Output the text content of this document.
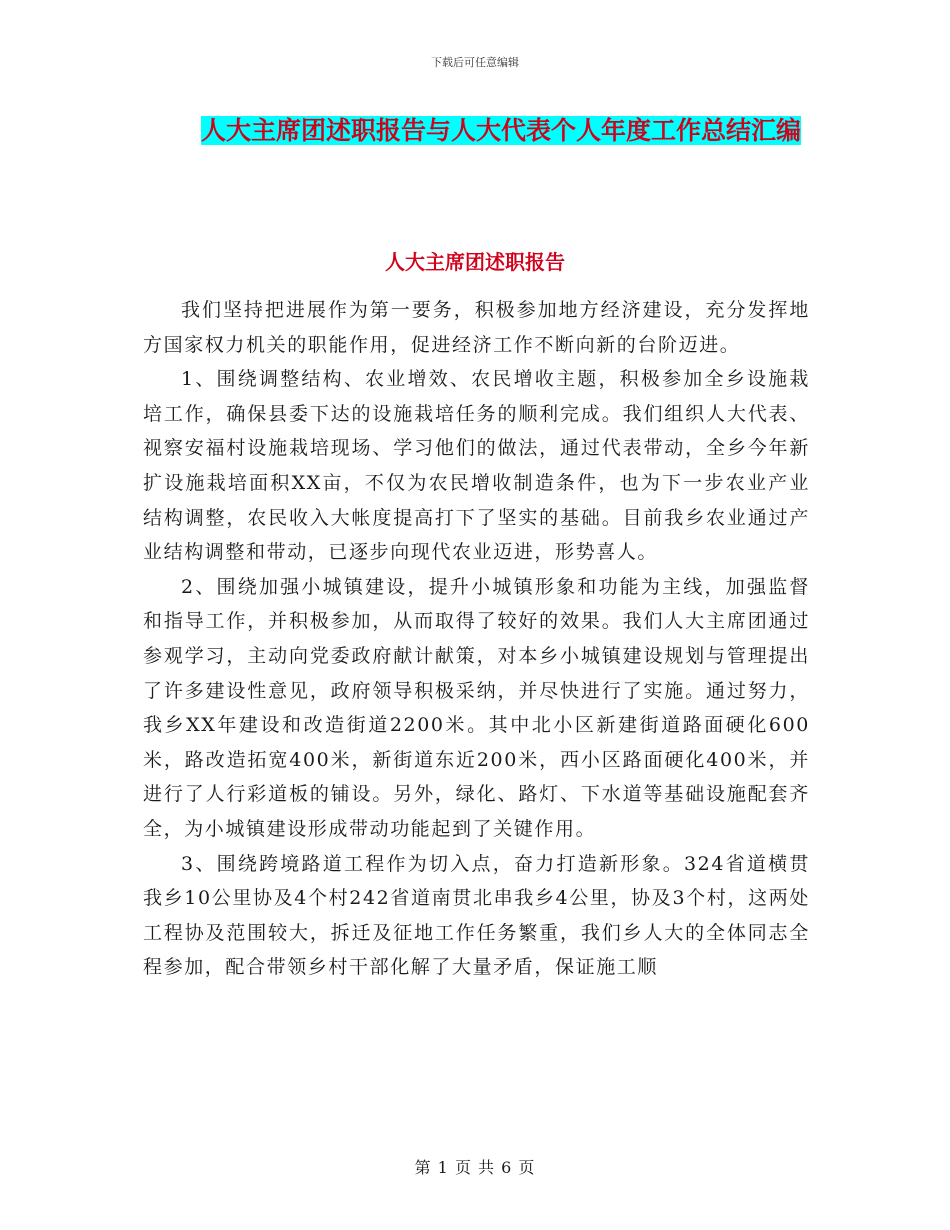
下载后可任意编辑
人大主席团述职报告与人大代表个人年度工作总结汇编
人大主席团述职报告

我们坚持把进展作为第一要务，积极参加地方经济建设，充分发挥地方国家权力机关的职能作用，促进经济工作不断向新的台阶迈进。

1、围绕调整结构、农业增效、农民增收主题，积极参加全乡设施栽培工作，确保县委下达的设施栽培任务的顺利完成。我们组织人大代表、视察安福村设施栽培现场、学习他们的做法，通过代表带动，全乡今年新扩设施栽培面积XX亩，不仅为农民增收制造条件，也为下一步农业产业结构调整，农民收入大帐度提高打下了坚实的基础。目前我乡农业通过产业结构调整和带动，已逐步向现代农业迈进，形势喜人。

2、围绕加强小城镇建设，提升小城镇形象和功能为主线，加强监督和指导工作，并积极参加，从而取得了较好的效果。我们人大主席团通过参观学习，主动向党委政府献计献策，对本乡小城镇建设规划与管理提出了许多建设性意见，政府领导积极采纳，并尽快进行了实施。通过努力，我乡XX年建设和改造街道2200米。其中北小区新建街道路面硬化600米，路改造拓宽400米，新街道东近200米，西小区路面硬化400米，并进行了人行彩道板的铺设。另外，绿化、路灯、下水道等基础设施配套齐全，为小城镇建设形成带动功能起到了关键作用。

3、围绕跨境路道工程作为切入点，奋力打造新形象。324省道横贯我乡10公里协及4个村242省道南贯北串我乡4公里，协及3个村，这两处工程协及范围较大，拆迁及征地工作任务繁重，我们乡人大的全体同志全程参加，配合带领乡村干部化解了大量矛盾，保证施工顺

第 1 页 共 6 页
